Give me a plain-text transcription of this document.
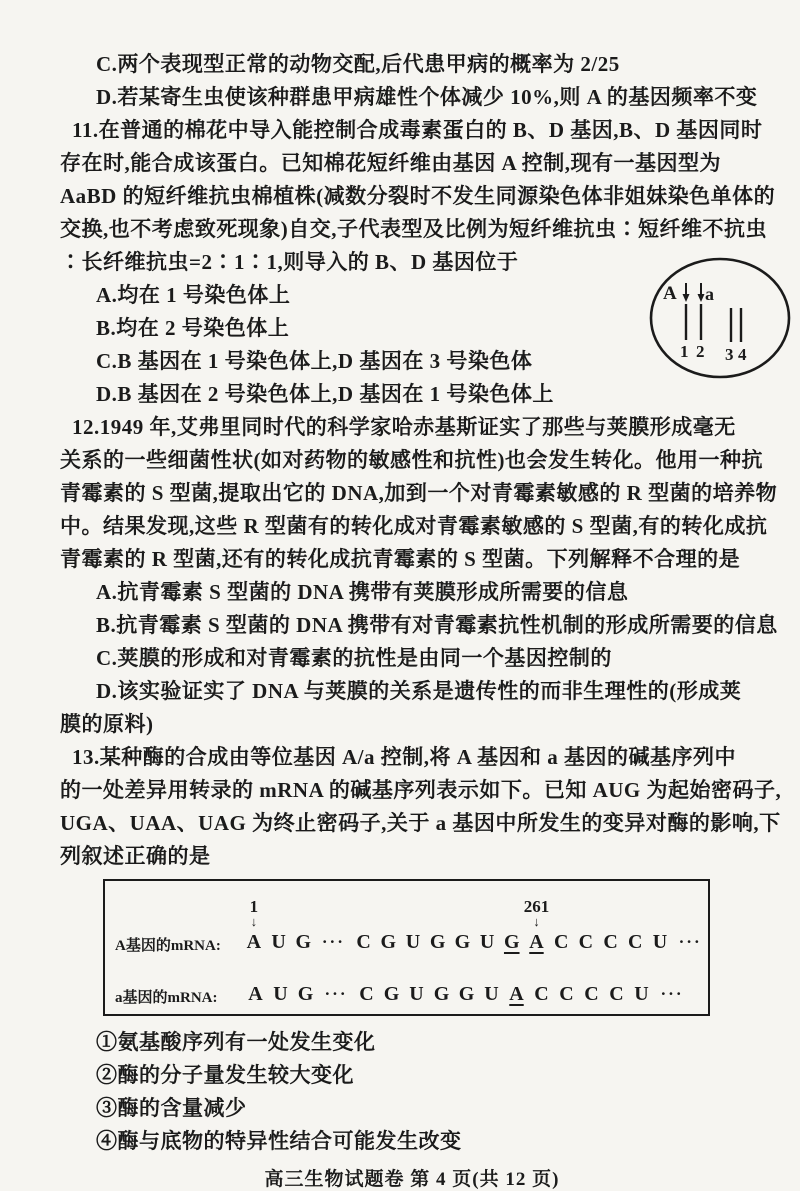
C.两个表现型正常的动物交配,后代患甲病的概率为 2/25
D.若某寄生虫使该种群患甲病雄性个体减少 10%,则 A 的基因频率不变
11.在普通的棉花中导入能控制合成毒素蛋白的 B、D 基因,B、D 基因同时
存在时,能合成该蛋白。已知棉花短纤维由基因 A 控制,现有一基因型为
AaBD 的短纤维抗虫棉植株(减数分裂时不发生同源染色体非姐妹染色单体的
交换,也不考虑致死现象)自交,子代表型及比例为短纤维抗虫∶短纤维不抗虫
∶长纤维抗虫=2∶1∶1,则导入的 B、D 基因位于
A.均在 1 号染色体上
B.均在 2 号染色体上
C.B 基因在 1 号染色体上,D 基因在 3 号染色体
D.B 基因在 2 号染色体上,D 基因在 1 号染色体上
12.1949 年,艾弗里同时代的科学家哈赤基斯证实了那些与荚膜形成毫无
关系的一些细菌性状(如对药物的敏感性和抗性)也会发生转化。他用一种抗
青霉素的 S 型菌,提取出它的 DNA,加到一个对青霉素敏感的 R 型菌的培养物
中。结果发现,这些 R 型菌有的转化成对青霉素敏感的 S 型菌,有的转化成抗
青霉素的 R 型菌,还有的转化成抗青霉素的 S 型菌。下列解释不合理的是
A.抗青霉素 S 型菌的 DNA 携带有荚膜形成所需要的信息
B.抗青霉素 S 型菌的 DNA 携带有对青霉素抗性机制的形成所需要的信息
C.荚膜的形成和对青霉素的抗性是由同一个基因控制的
D.该实验证实了 DNA 与荚膜的关系是遗传性的而非生理性的(形成荚
膜的原料)
13.某种酶的合成由等位基因 A/a 控制,将 A 基因和 a 基因的碱基序列中
的一处差异用转录的 mRNA 的碱基序列表示如下。已知 AUG 为起始密码子,
UGA、UAA、UAG 为终止密码子,关于 a 基因中所发生的变异对酶的影响,下
列叙述正确的是
A a
1 2 3 4
A基因的mRNA:	A
1
↓
U G ··· C G U G G U G A
261
↓
C C C C U ···
a基因的mRNA:	A U G ··· C G U G G U A C C C C U ···
①氨基酸序列有一处发生变化
②酶的分子量发生较大变化
③酶的含量减少
④酶与底物的特异性结合可能发生改变
高三生物试题卷 第 4 页(共 12 页)
